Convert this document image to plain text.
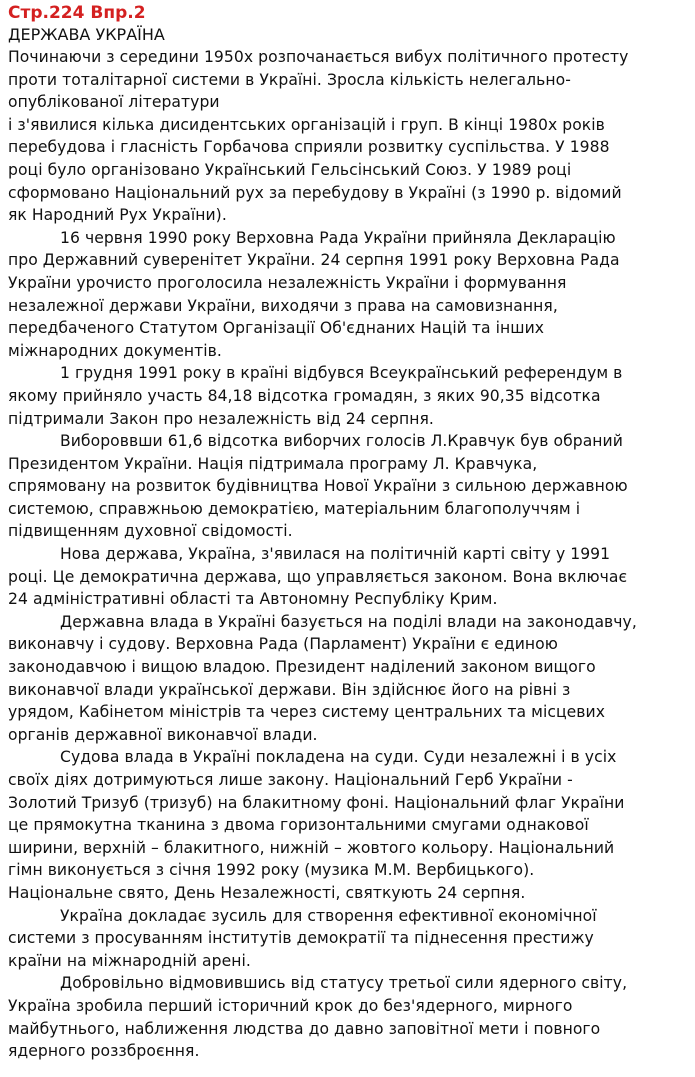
Стр.224 Впр.2
ДЕРЖАВА УКРАЇНА
Починаючи з середини 1950х розпочанається вибух політичного протесту
проти тоталітарної системи в Україні. Зросла кількість нелегально-
опублікованої літератури
і з'явилися кілька дисидентських організацій і груп. В кінці 1980х років
перебудова і гласність Горбачова сприяли розвитку суспільства. У 1988
році було організовано Український Гельсінський Союз. У 1989 році
сформовано Національний рух за перебудову в Україні (з 1990 р. відомий
як Народний Рух України).
16 червня 1990 року Верховна Рада України прийняла Декларацію
про Державний суверенітет України. 24 серпня 1991 року Верховна Рада
України урочисто проголосила незалежність України і формування
незалежної держави України, виходячи з права на самовизнання,
передбаченого Статутом Організації Об'єднаних Націй та інших
міжнародних документів.
1 грудня 1991 року в країні відбувся Всеукраїнський референдум в
якому прийняло участь 84,18 відсотка громадян, з яких 90,35 відсотка
підтримали Закон про незалежність від 24 серпня.
Вибороввши 61,6 відсотка виборчих голосів Л.Кравчук був обраний
Президентом України. Нація підтримала програму Л. Кравчука,
спрямовану на розвиток будівництва Нової України з сильною державною
системою, справжньою демократією, матеріальним благополуччям і
підвищенням духовної свідомості.
Нова держава, Україна, з'явилася на політичній карті світу у 1991
році. Це демократична держава, що управляється законом. Вона включає
24 адміністративні області та Автономну Республіку Крим.
Державна влада в Україні базується на поділі влади на законодавчу,
виконавчу і судову. Верховна Рада (Парламент) України є единою
законодавчою і вищою владою. Президент наділений законом вищого
виконавчої влади української держави. Він здійснює його на рівні з
урядом, Кабінетом міністрів та через систему центральних та місцевих
органів державної виконавчої влади.
Судова влада в Україні покладена на суди. Суди незалежні і в усіх
своїх діях дотримуються лише закону. Національний Герб України -
Золотий Тризуб (тризуб) на блакитному фоні. Національний флаг України
це прямокутна тканина з двома горизонтальними смугами однакової
ширини, верхній – блакитного, нижній – жовтого кольору. Національний
гімн виконується з січня 1992 року (музика М.М. Вербицького).
Національне свято, День Незалежності, святкують 24 серпня.
Україна докладає зусиль для створення ефективної економічної
системи з просуванням інститутів демократії та піднесення престижу
країни на міжнародній арені.
Добровільно відмовившись від статусу третьої сили ядерного світу,
Україна зробила перший історичний крок до без'ядерного, мирного
майбутнього, наближення людства до давно заповітної мети і повного
ядерного роззброєння.
